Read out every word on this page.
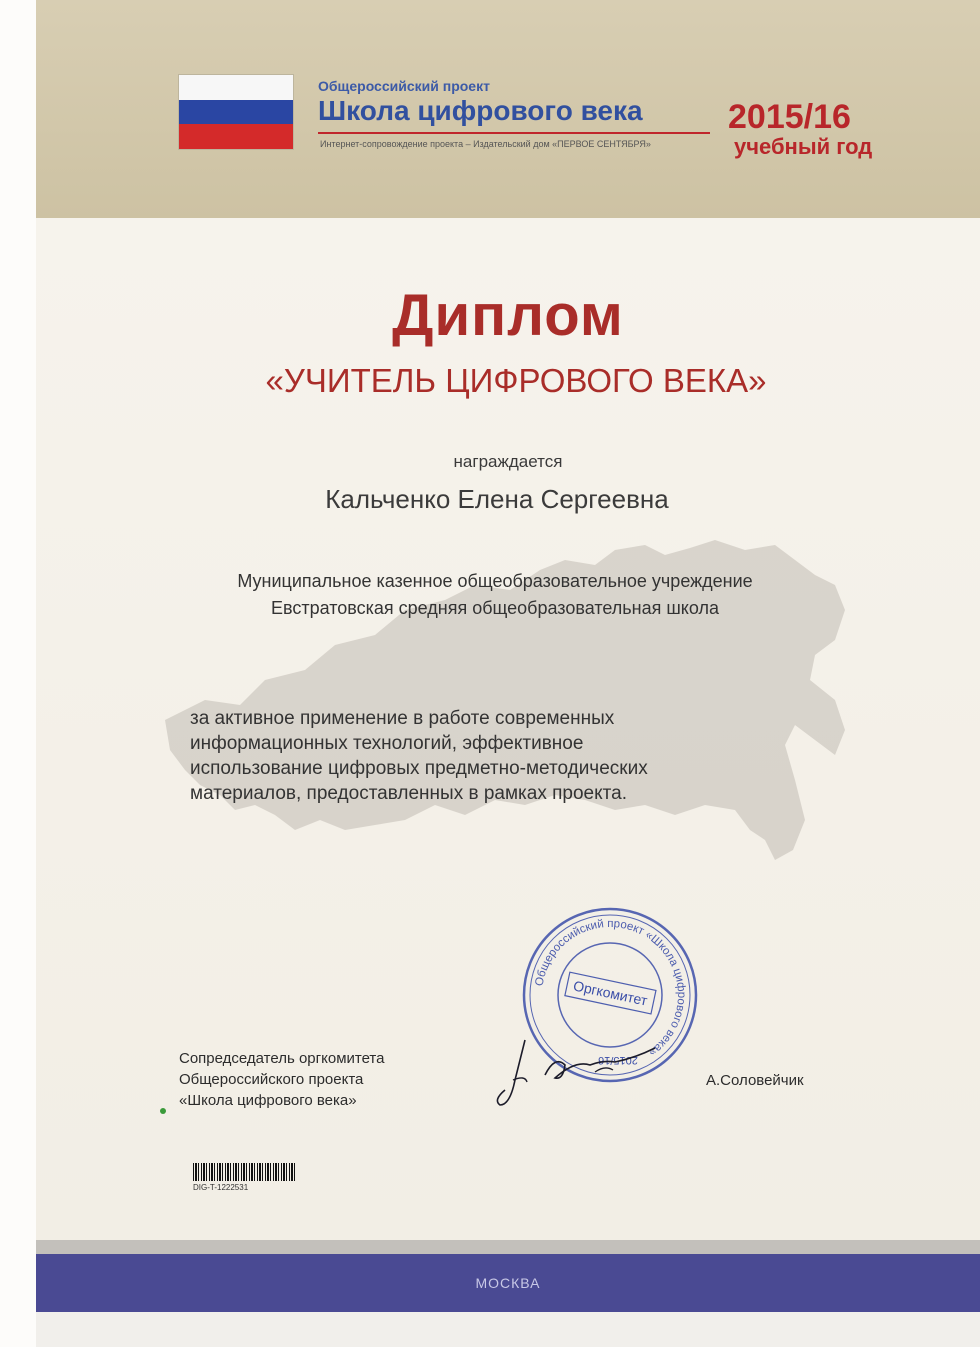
Общероссийский проект
Школа цифрового века
Интернет-сопровождение проекта – Издательский дом «ПЕРВОЕ СЕНТЯБРЯ»
2015/16
учебный год
Диплом
«УЧИТЕЛЬ ЦИФРОВОГО ВЕКА»
награждается
Кальченко Елена Сергеевна
Муниципальное казенное общеобразовательное учреждение
Евстратовская средняя общеобразовательная школа
за активное применение в работе современных
информационных технологий, эффективное
использование цифровых предметно-методических
материалов, предоставленных в рамках проекта.
Общероссийский проект «Школа цифрового века»
Оргкомитет
2015/16
Сопредседатель оргкомитета
Общероссийского проекта
«Школа цифрового века»
А.Соловейчик
DIG-T-1222531
МОСКВА
